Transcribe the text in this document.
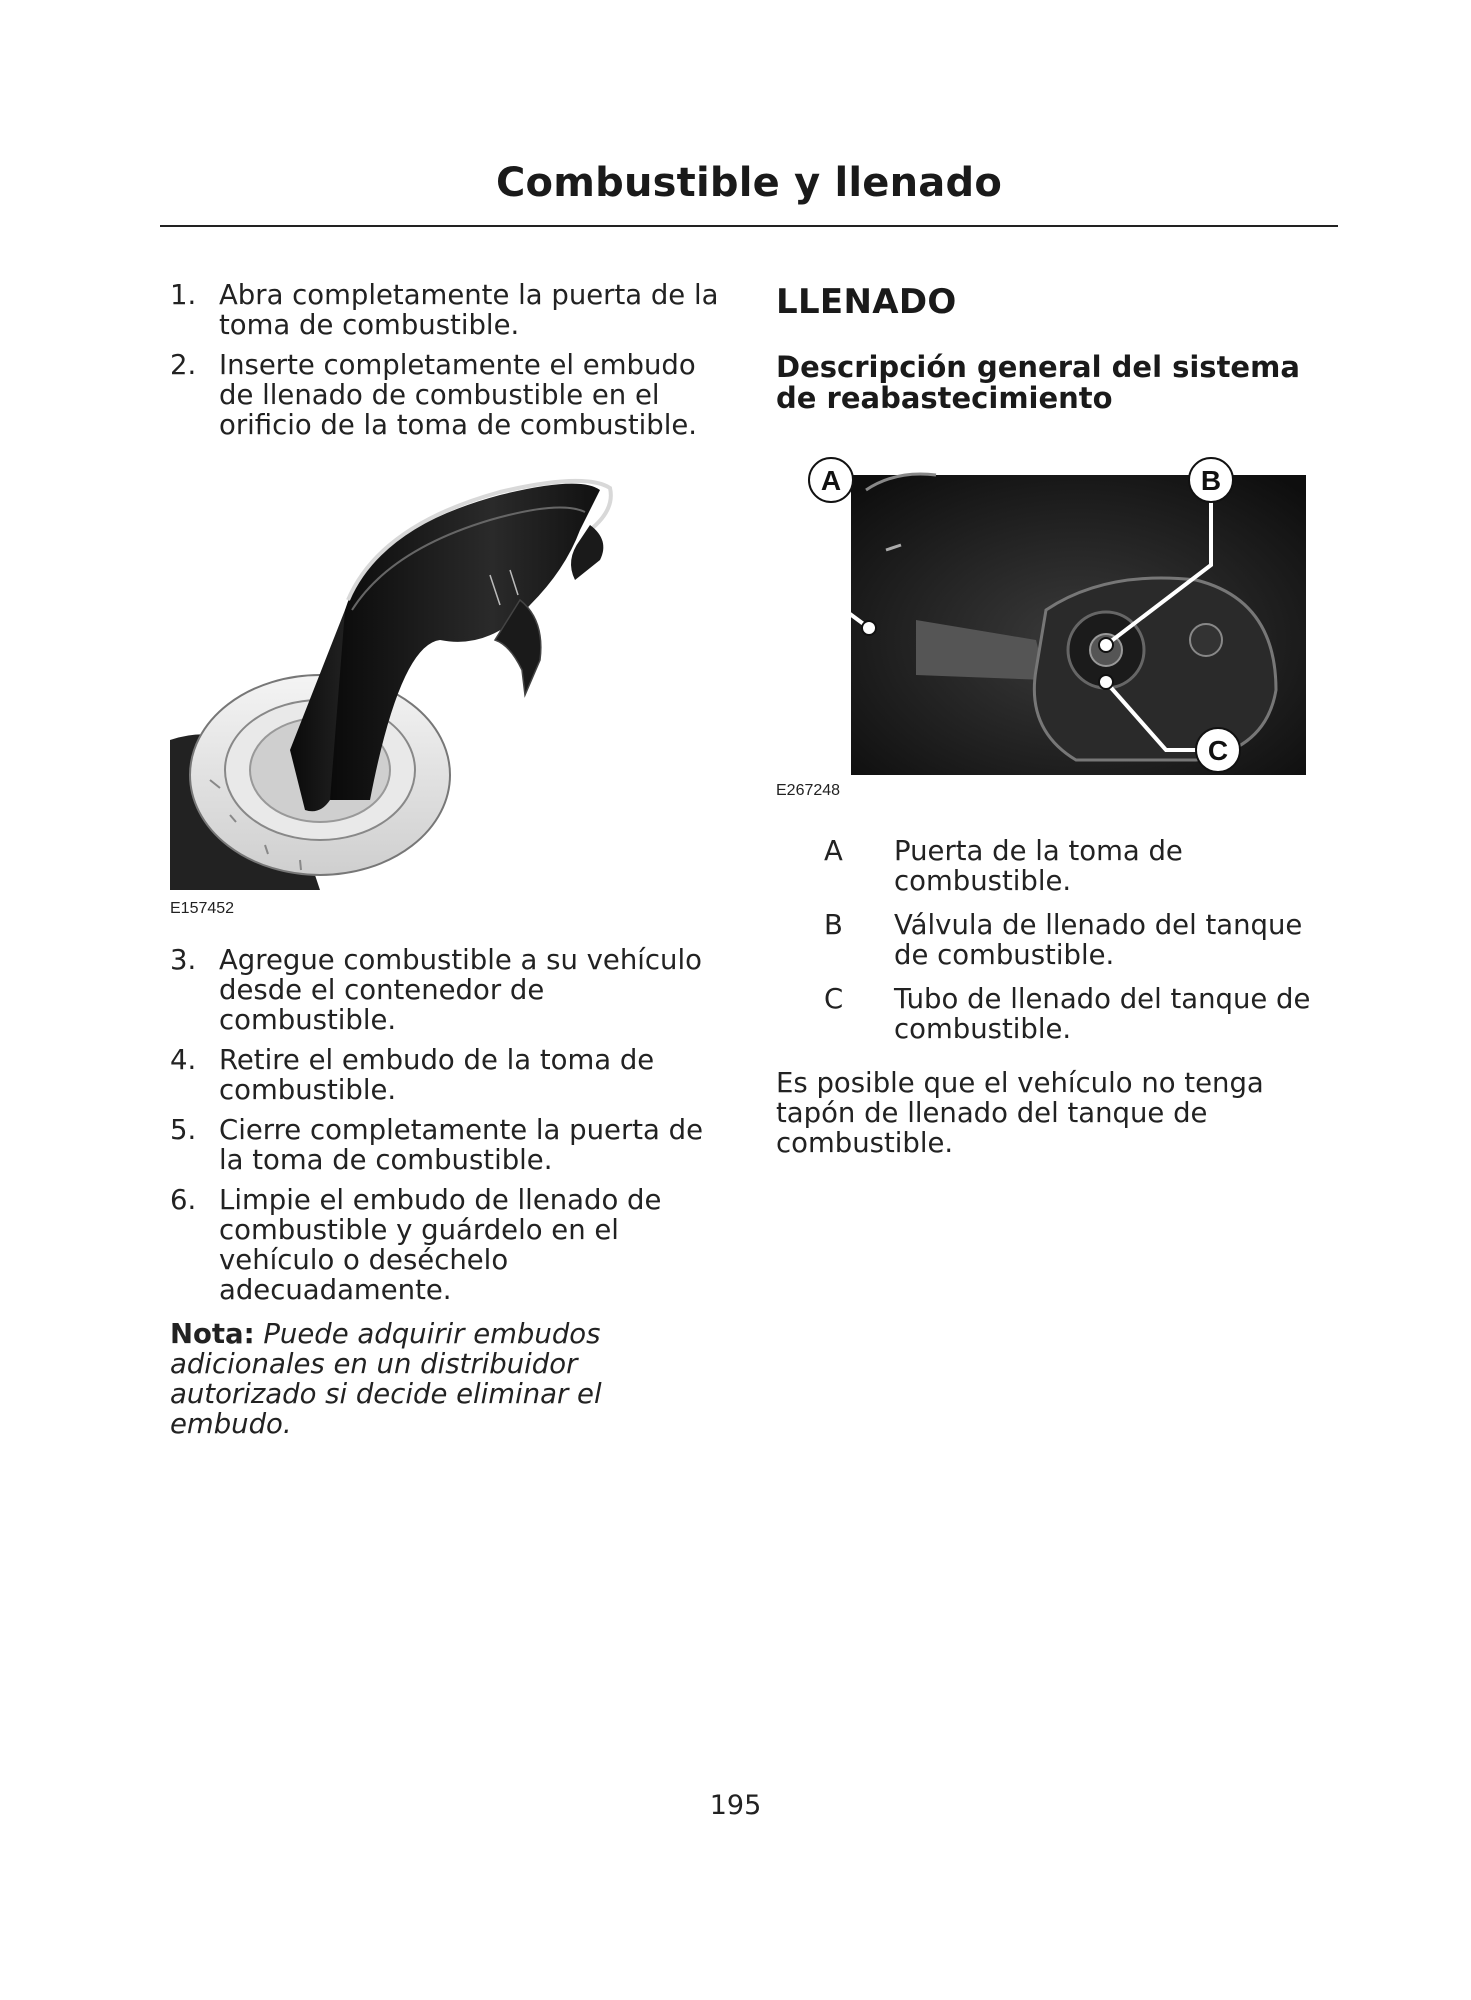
Combustible y llenado
1. Abra completamente la puerta de la toma de combustible.
2. Inserte completamente el embudo de llenado de combustible en el orificio de la toma de combustible.
E157452
3. Agregue combustible a su vehículo desde el contenedor de combustible.
4. Retire el embudo de la toma de combustible.
5. Cierre completamente la puerta de la toma de combustible.
6. Limpie el embudo de llenado de combustible y guárdelo en el vehículo o deséchelo adecuadamente.
Nota: Puede adquirir embudos adicionales en un distribuidor autorizado si decide eliminar el embudo.
LLENADO
Descripción general del sistema de reabastecimiento
A	B
C
E267248
A	Puerta de la toma de combustible.
B	Válvula de llenado del tanque de combustible.
C	Tubo de llenado del tanque de combustible.
Es posible que el vehículo no tenga tapón de llenado del tanque de combustible.
195
